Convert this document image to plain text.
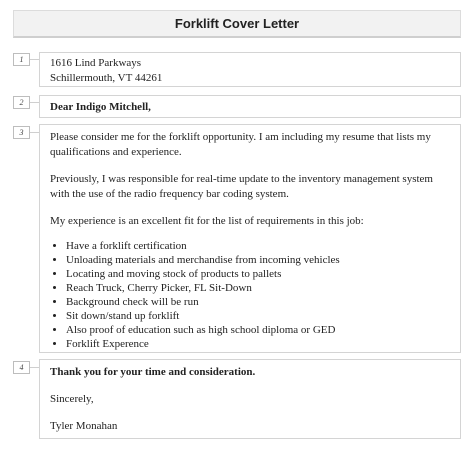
Forklift Cover Letter
1	1616 Lind Parkways

Schillermouth, VT 44261

2	Dear Indigo Mitchell,

3	Please consider me for the forklift opportunity. I am including my resume that lists my qualifications and experience.

Previously, I was responsible for real-time update to the inventory management system with the use of the radio frequency bar coding system.

My experience is an excellent fit for the list of requirements in this job:

• Have a forklift certification
• Unloading materials and merchandise from incoming vehicles
• Locating and moving stock of products to pallets
• Reach Truck, Cherry Picker, FL Sit-Down
• Background check will be run
• Sit down/stand up forklift
• Also proof of education such as high school diploma or GED
• Forklift Experence
4	Thank you for your time and consideration.

Sincerely,

Tyler Monahan
